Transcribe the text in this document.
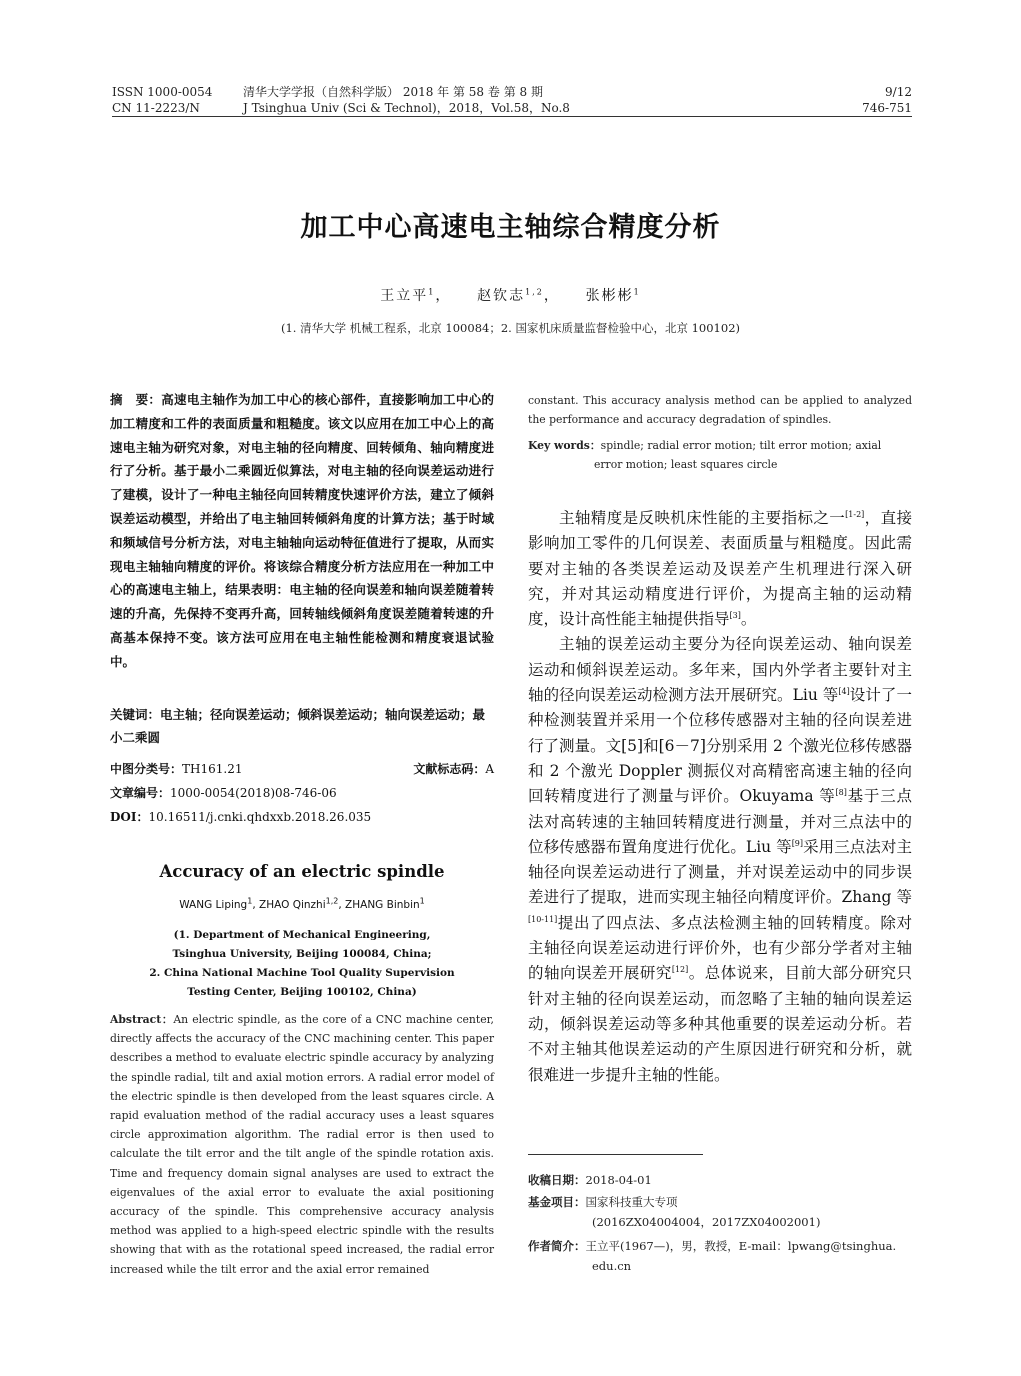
ISSN 1000-0054
CN 11-2223/N
清华大学学报（自然科学版） 2018 年 第 58 卷 第 8 期
J Tsinghua Univ (Sci & Technol)，2018，Vol.58，No.8
9/12
746-751
加工中心高速电主轴综合精度分析
王立平$^1$，    赵钦志$^{1,2}$，    张彬彬$^1$
(1. 清华大学 机械工程系，北京 100084；2. 国家机床质量监督检验中心，北京 100102)

摘　要：高速电主轴作为加工中心的核心部件，直接影响加工中心的加工精度和工件的表面质量和粗糙度。该文以应用在加工中心上的高速电主轴为研究对象，对电主轴的径向精度、回转倾角、轴向精度进行了分析。基于最小二乘圆近似算法，对电主轴的径向误差运动进行了建模，设计了一种电主轴径向回转精度快速评价方法，建立了倾斜误差运动模型，并给出了电主轴回转倾斜角度的计算方法；基于时域和频域信号分析方法，对电主轴轴向运动特征值进行了提取，从而实现电主轴轴向精度的评价。将该综合精度分析方法应用在一种加工中心的高速电主轴上，结果表明：电主轴的径向误差和轴向误差随着转速的升高，先保持不变再升高，回转轴线倾斜角度误差随着转速的升高基本保持不变。该方法可应用在电主轴性能检测和精度衰退试验中。

关键词：电主轴；径向误差运动；倾斜误差运动；轴向误差运动；最小二乘圆
中图分类号：TH161.21	文献标志码：A
文章编号：1000-0054(2018)08-746-06
DOI：10.16511/j.cnki.qhdxxb.2018.26.035
Accuracy of an electric spindle
WANG Liping$^1$, ZHAO Qinzhi$^{1,2}$, ZHANG Binbin$^1$
(1. Department of Mechanical Engineering,
Tsinghua University, Beijing 100084, China;
2. China National Machine Tool Quality Supervision
Testing Center, Beijing 100102, China)
Abstract：An electric spindle, as the core of a CNC machine center, directly affects the accuracy of the CNC machining center. This paper describes a method to evaluate electric spindle accuracy by analyzing the spindle radial, tilt and axial motion errors. A radial error model of the electric spindle is then developed from the least squares circle. A rapid evaluation method of the radial accuracy uses a least squares circle approximation algorithm. The radial error is then used to calculate the tilt error and the tilt angle of the spindle rotation axis. Time and frequency domain signal analyses are used to extract the eigenvalues of the axial error to evaluate the axial positioning accuracy of the spindle. This comprehensive accuracy analysis method was applied to a high-speed electric spindle with the results showing that with as the rotational speed increased, the radial error increased while the tilt error and the axial error remained
constant. This accuracy analysis method can be applied to analyzed the performance and accuracy degradation of spindles.
Key words：spindle; radial error motion; tilt error motion; axial
error motion; least squares circle

主轴精度是反映机床性能的主要指标之一[1-2]，直接影响加工零件的几何误差、表面质量与粗糙度。因此需要对主轴的各类误差运动及误差产生机理进行深入研究，并对其运动精度进行评价，为提高主轴的运动精度，设计高性能主轴提供指导[3]。

主轴的误差运动主要分为径向误差运动、轴向误差运动和倾斜误差运动。多年来，国内外学者主要针对主轴的径向误差运动检测方法开展研究。Liu 等[4]设计了一种检测装置并采用一个位移传感器对主轴的径向误差进行了测量。文[5]和[6－7]分别采用 2 个激光位移传感器和 2 个激光 Doppler 测振仪对高精密高速主轴的径向回转精度进行了测量与评价。Okuyama 等[8]基于三点法对高转速的主轴回转精度进行测量，并对三点法中的位移传感器布置角度进行优化。Liu 等[9]采用三点法对主轴径向误差运动进行了测量，并对误差运动中的同步误差进行了提取，进而实现主轴径向精度评价。Zhang 等[10-11]提出了四点法、多点法检测主轴的回转精度。除对主轴径向误差运动进行评价外，也有少部分学者对主轴的轴向误差开展研究[12]。总体说来，目前大部分研究只针对主轴的径向误差运动，而忽略了主轴的轴向误差运动，倾斜误差运动等多种其他重要的误差运动分析。若不对主轴其他误差运动的产生原因进行研究和分析，就很难进一步提升主轴的性能。

收稿日期：2018-04-01
基金项目：国家科技重大专项
(2016ZX04004004，2017ZX04002001)
作者简介：王立平(1967—)，男，教授，E-mail：lpwang@tsinghua.
edu.cn
